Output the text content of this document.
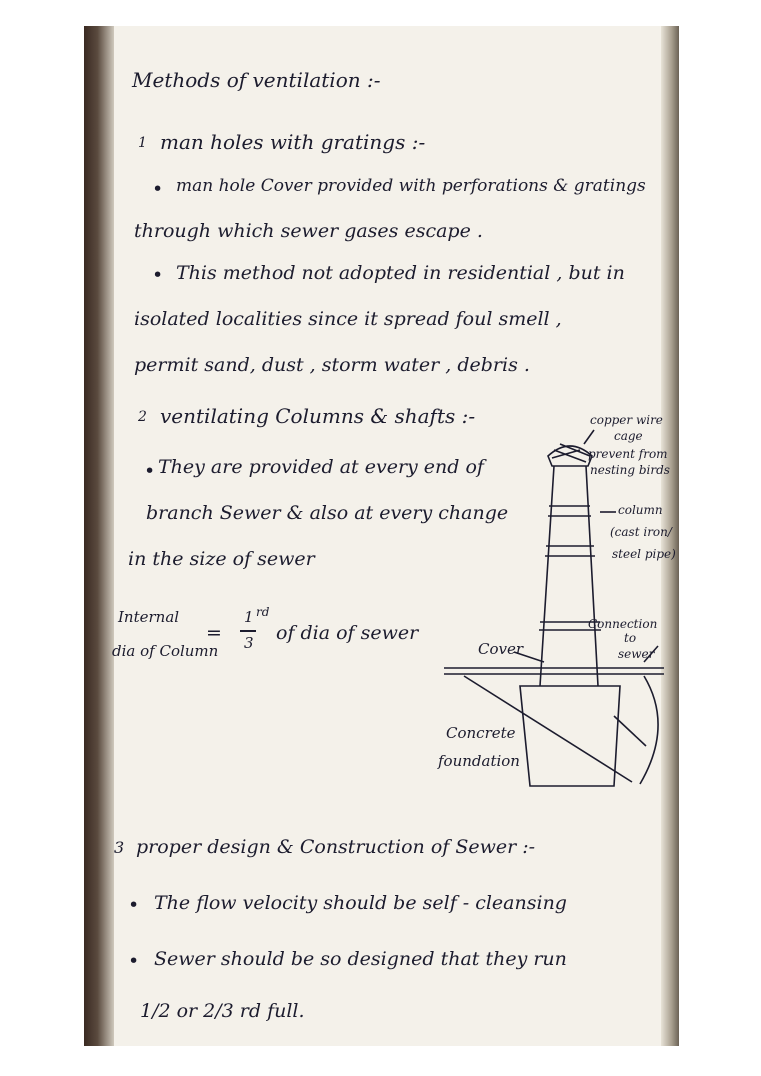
Methods of ventilation :-
1 man holes with gratings :-
• man hole Cover provided with perforations & gratings
through which sewer gases escape .
• This method not adopted in residential , but in
isolated localities since it spread foul smell ,
permit sand, dust , storm water , debris .
2 ventilating Columns & shafts :-
• They are provided at every end of
branch Sewer & also at every change
in the size of sewer
Internal
dia of Column
=
1 rd
3 of dia of sewer
copper wire
cage
prevent from
nesting birds
column
(cast iron/
steel pipe)
Connection
to
sewer
Cover
Concrete
foundation
3 proper design & Construction of Sewer :-
• The flow velocity should be self - cleansing
• Sewer should be so designed that they run
1/2 or 2/3 rd full.
